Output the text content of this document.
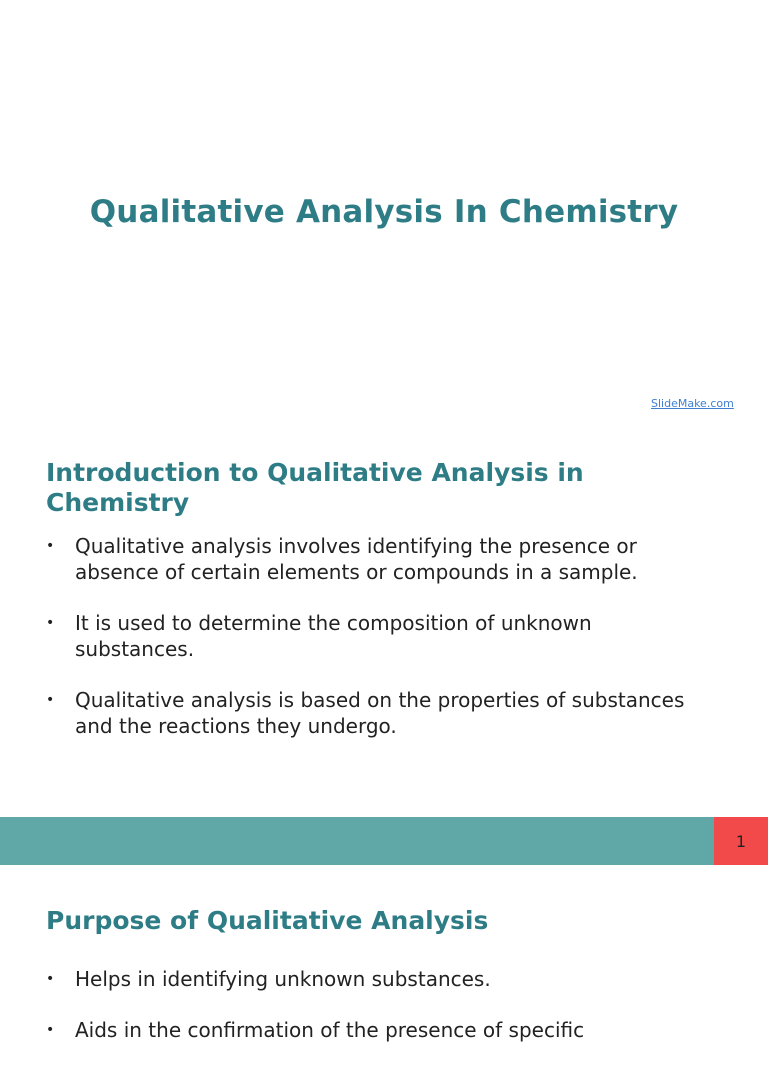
Qualitative Analysis In Chemistry
SlideMake.com
Introduction to Qualitative Analysis in Chemistry
• Qualitative analysis involves identifying the presence or absence of certain elements or compounds in a sample.
• It is used to determine the composition of unknown substances.
• Qualitative analysis is based on the properties of substances and the reactions they undergo.
1
Purpose of Qualitative Analysis
• Helps in identifying unknown substances.
• Aids in the confirmation of the presence of specific
